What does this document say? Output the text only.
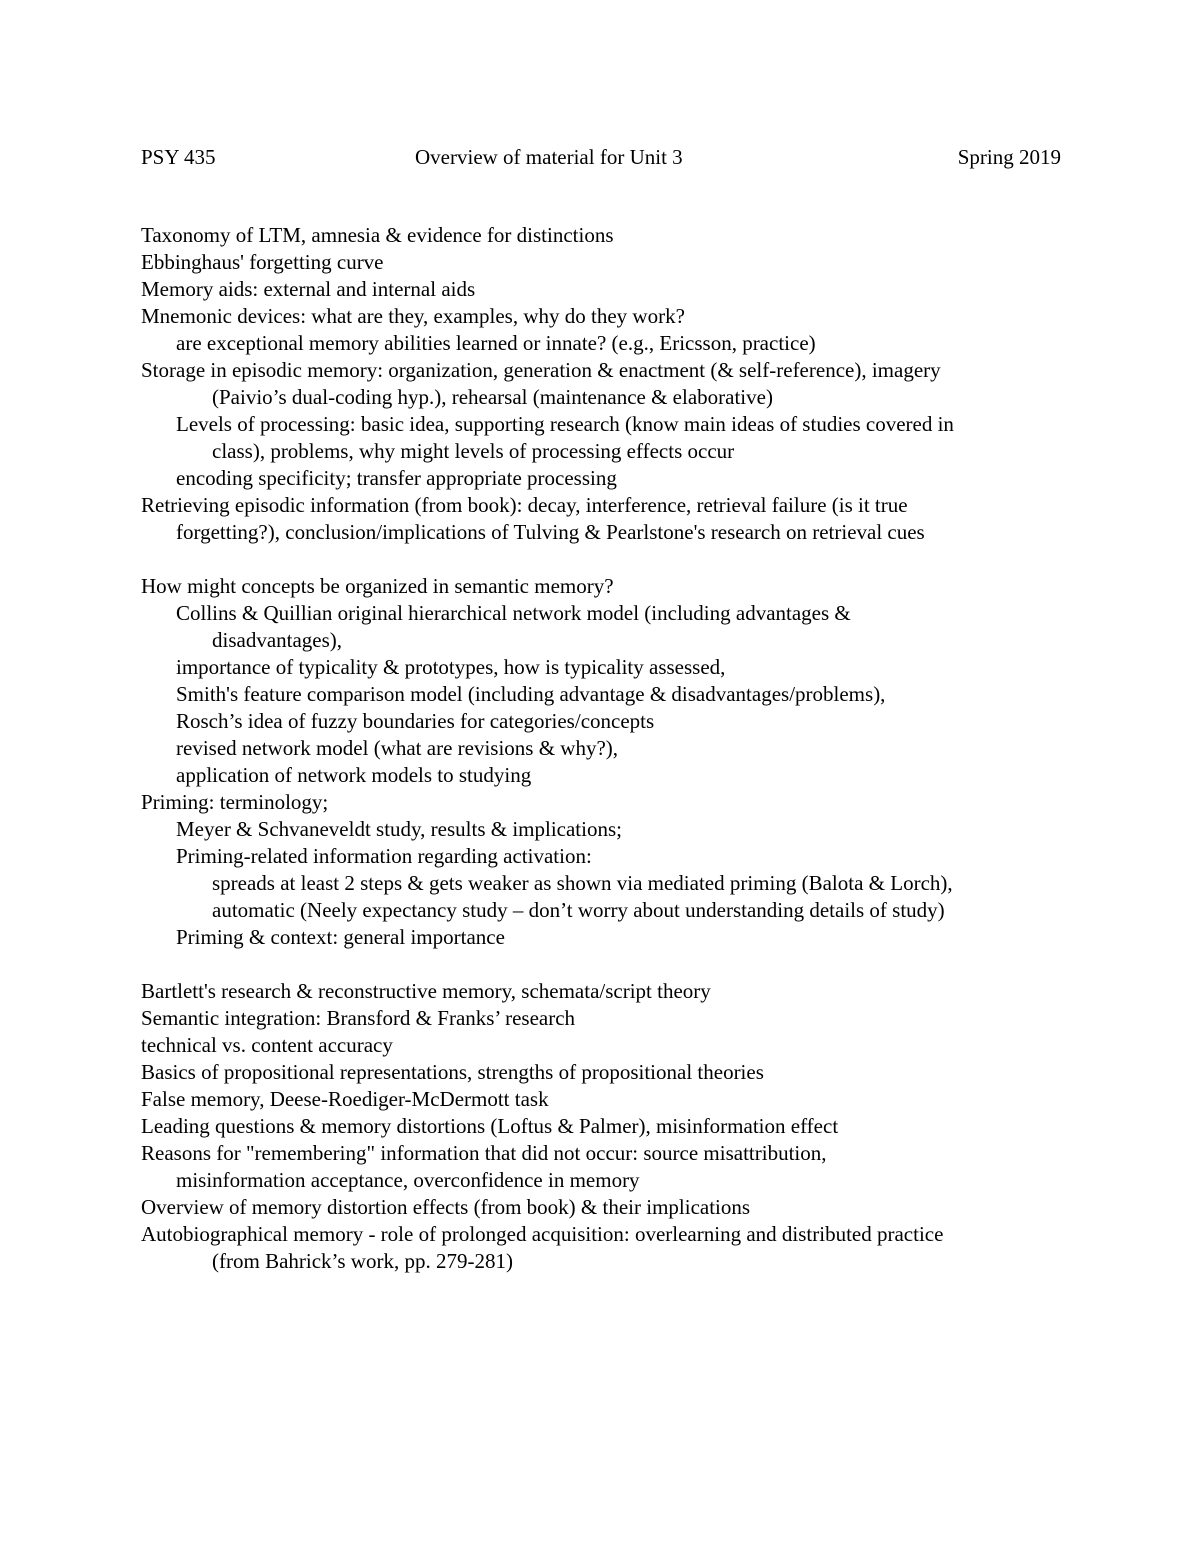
PSY 435	Overview of material for Unit 3	Spring 2019
Taxonomy of LTM, amnesia & evidence for distinctions
Ebbinghaus' forgetting curve
Memory aids: external and internal aids
Mnemonic devices: what are they, examples, why do they work?
are exceptional memory abilities learned or innate? (e.g., Ericsson, practice)
Storage in episodic memory: organization, generation & enactment (& self-reference), imagery
(Paivio’s dual-coding hyp.), rehearsal (maintenance & elaborative)
Levels of processing: basic idea, supporting research (know main ideas of studies covered in
class), problems, why might levels of processing effects occur
encoding specificity; transfer appropriate processing
Retrieving episodic information (from book): decay, interference, retrieval failure (is it true
forgetting?), conclusion/implications of Tulving & Pearlstone's research on retrieval cues
How might concepts be organized in semantic memory?
Collins & Quillian original hierarchical network model (including advantages &
disadvantages),
importance of typicality & prototypes, how is typicality assessed,
Smith's feature comparison model (including advantage & disadvantages/problems),
Rosch’s idea of fuzzy boundaries for categories/concepts
revised network model (what are revisions & why?),
application of network models to studying
Priming: terminology;
Meyer & Schvaneveldt study, results & implications;
Priming-related information regarding activation:
spreads at least 2 steps & gets weaker as shown via mediated priming (Balota & Lorch),
automatic (Neely expectancy study – don’t worry about understanding details of study)
Priming & context: general importance
Bartlett's research & reconstructive memory, schemata/script theory
Semantic integration: Bransford & Franks’ research
technical vs. content accuracy
Basics of propositional representations, strengths of propositional theories
False memory, Deese-Roediger-McDermott task
Leading questions & memory distortions (Loftus & Palmer), misinformation effect
Reasons for "remembering" information that did not occur: source misattribution,
misinformation acceptance, overconfidence in memory
Overview of memory distortion effects (from book) & their implications
Autobiographical memory - role of prolonged acquisition: overlearning and distributed practice
(from Bahrick’s work, pp. 279-281)
